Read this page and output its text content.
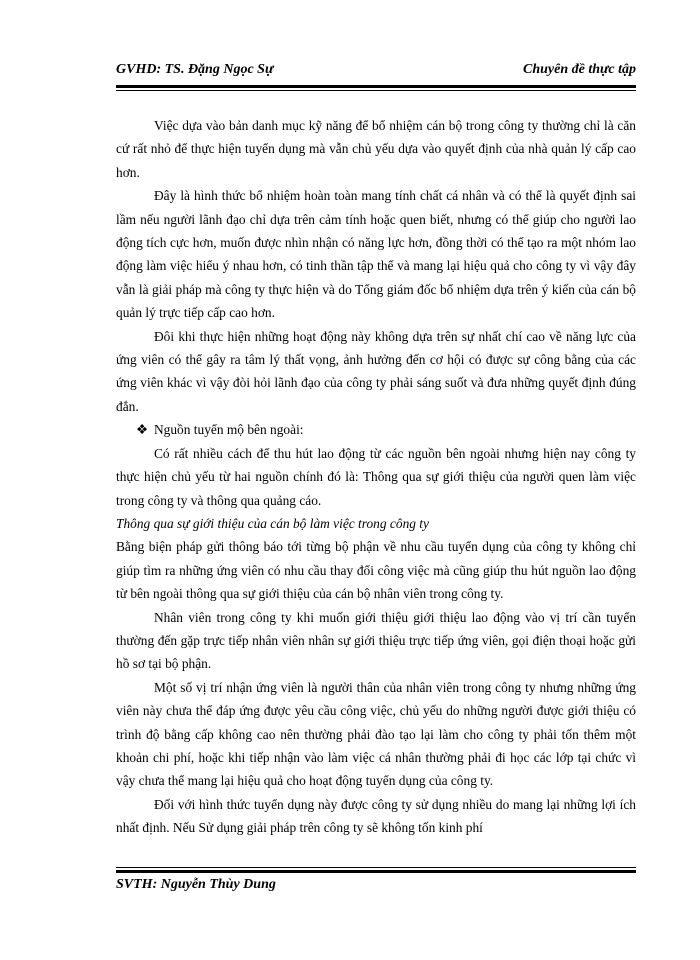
GVHD: TS. Đặng Ngọc Sự	Chuyên đề thực tập

Việc dựa vào bản danh mục kỹ năng để bổ nhiệm cán bộ trong công ty thường chỉ là căn cứ rất nhỏ để thực hiện tuyển dụng mà vẫn chủ yếu dựa vào quyết định của nhà quản lý cấp cao hơn.

Đây là hình thức bổ nhiệm hoàn toàn mang tính chất cá nhân và có thể là quyết định sai lầm nếu người lãnh đạo chỉ dựa trên cảm tính hoặc quen biết, nhưng có thể giúp cho người lao động tích cực hơn, muốn được nhìn nhận có năng lực hơn, đồng thời có thể tạo ra một nhóm lao động làm việc hiểu ý nhau hơn, có tinh thần tập thể và mang lại hiệu quả cho công ty vì vậy đây vẫn là giải pháp mà công ty thực hiện và do Tổng giám đốc bổ nhiệm dựa trên ý kiến của cán bộ quản lý trực tiếp cấp cao hơn.

Đôi khi thực hiện những hoạt động này không dựa trên sự nhất chí cao về năng lực của ứng viên có thể gây ra tâm lý thất vọng, ảnh hưởng đến cơ hội có được sự công bằng của các ứng viên khác vì vậy đòi hỏi lãnh đạo của công ty phải sáng suốt và đưa những quyết định đúng đắn.

❖ Nguồn tuyển mộ bên ngoài:

Có rất nhiều cách để thu hút lao động từ các nguồn bên ngoài nhưng hiện nay công ty thực hiện chủ yếu từ hai nguồn chính đó là: Thông qua sự giới thiệu của người quen làm việc trong công ty và thông qua quảng cáo.

Thông qua sự giới thiệu của cán bộ làm việc trong công ty

Bằng biện pháp gửi thông báo tới từng bộ phận về nhu cầu tuyển dụng của công ty không chỉ giúp tìm ra những ứng viên có nhu cầu thay đổi công việc mà cũng giúp thu hút nguồn lao động từ bên ngoài thông qua sự giới thiệu của cán bộ nhân viên trong công ty.

Nhân viên trong công ty khi muốn giới thiệu giới thiệu lao động vào vị trí cần tuyển thường đến gặp trực tiếp nhân viên nhân sự giới thiệu trực tiếp ứng viên, gọi điện thoại hoặc gửi hồ sơ tại bộ phận.

Một số vị trí nhận ứng viên là người thân của nhân viên trong công ty nhưng những ứng viên này chưa thể đáp ứng được yêu cầu công việc, chủ yếu do những người được giới thiệu có trình độ bằng cấp không cao nên thường phải đào tạo lại làm cho công ty phải tốn thêm một khoản chi phí, hoặc khi tiếp nhận vào làm việc cá nhân thường phải đi học các lớp tại chức vì vậy chưa thể mang lại hiệu quả cho hoạt động tuyển dụng của công ty.

Đối với hình thức tuyển dụng này được công ty sử dụng nhiều do mang lại những lợi ích nhất định. Nếu Sử dụng giải pháp trên công ty sẽ không tốn kinh phí

SVTH: Nguyễn Thùy Dung
